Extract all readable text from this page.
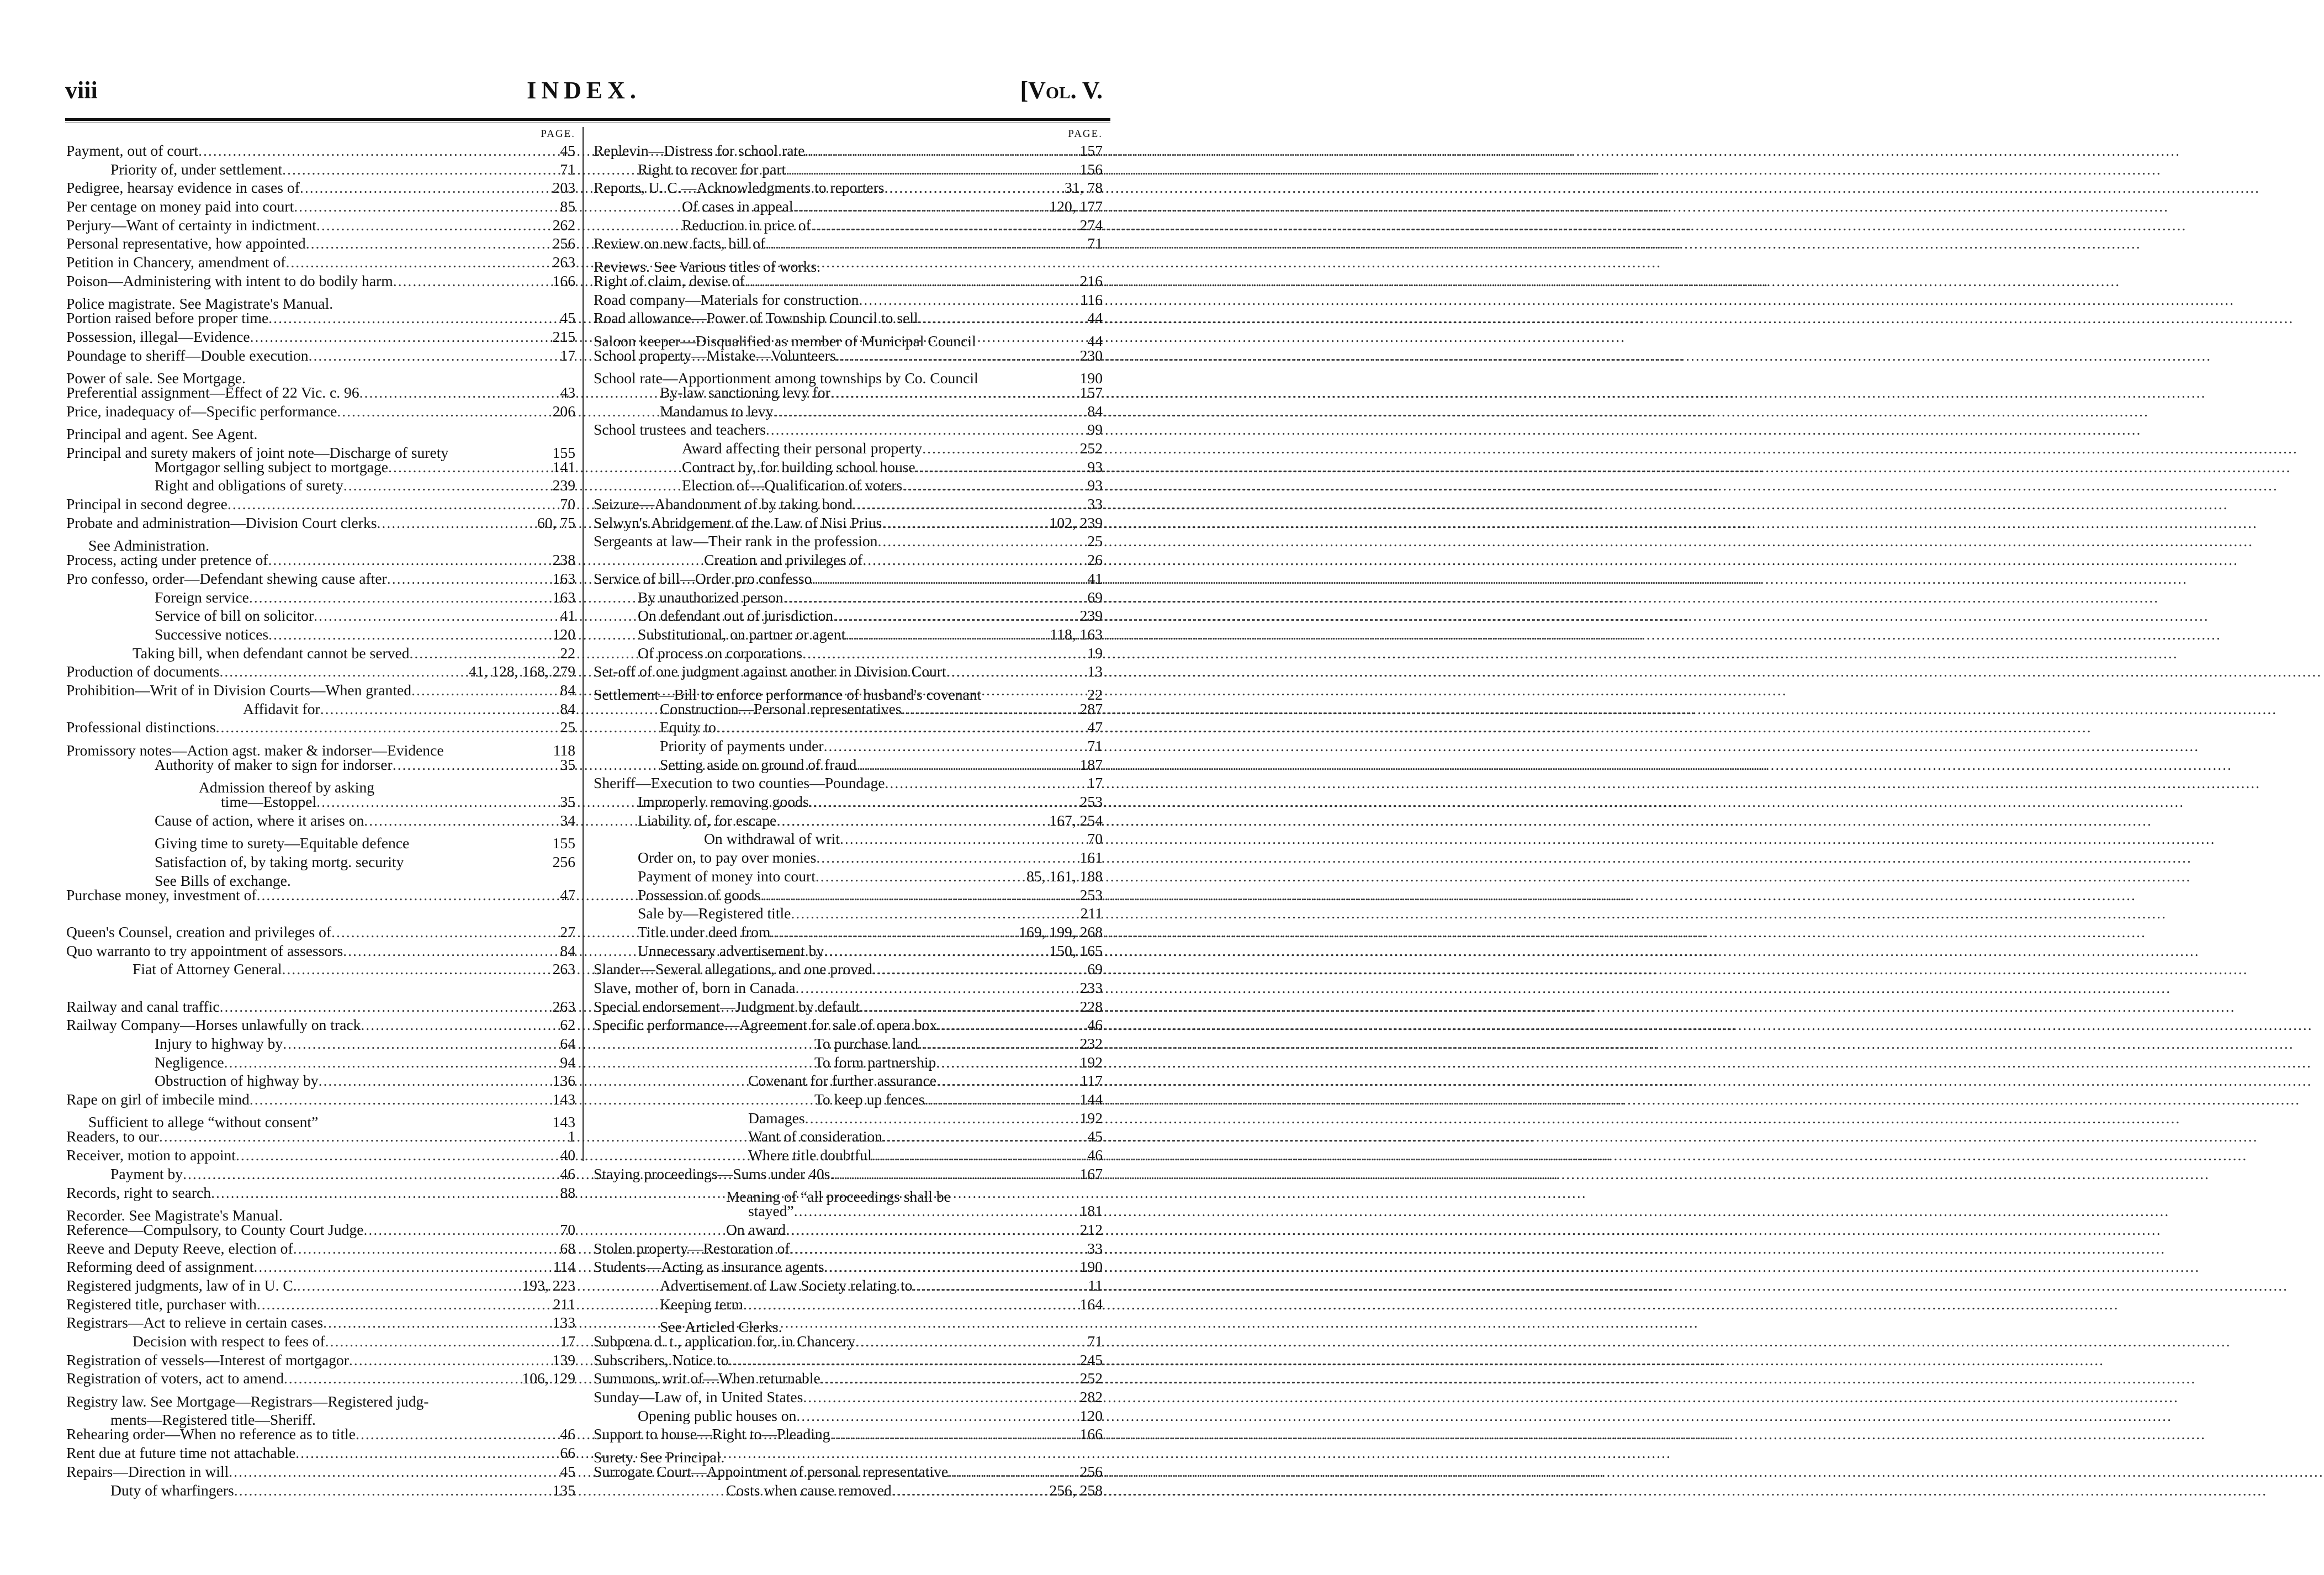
viii	INDEX.	[Vol. V.
PAGE.
Payment, out of court .....	45
Priority of, under settlement .....	71
Pedigree, hearsay evidence in cases of .....	203
Per centage on money paid into court .....	85
Perjury—Want of certainty in indictment .....	262
Personal representative, how appointed .....	256
Petition in Chancery, amendment of .....	263
Poison—Administering with intent to do bodily harm .....	166
Police magistrate. See Magistrate's Manual.
Portion raised before proper time .....	45
Possession, illegal—Evidence .....	215
Poundage to sheriff—Double execution .....	17
Power of sale. See Mortgage.
Preferential assignment—Effect of 22 Vic. c. 96 .....	43
Price, inadequacy of—Specific performance .....	206
Principal and agent. See Agent.
Principal and surety makers of joint note—Discharge of surety	155
Mortgagor selling subject to mortgage .....	141
Right and obligations of surety .....	239
Principal in second degree .....	70
Probate and administration—Division Court clerks .....	60, 75
See Administration.
Process, acting under pretence of .....	238
Pro confesso, order—Defendant shewing cause after .....	163
Foreign service .....	163
Service of bill on solicitor .....	41
Successive notices .....	120
Taking bill, when defendant cannot be served .....	22
Production of documents .....	41, 128, 168, 279
Prohibition—Writ of in Division Courts—When granted .....	84
Affidavit for .....	84
Professional distinctions .....	25
Promissory notes—Action agst. maker & indorser—Evidence	118
Authority of maker to sign for indorser .....	35
Admission thereof by asking
time—Estoppel .....	35
Cause of action, where it arises on .....	34
Giving time to surety—Equitable defence	155
Satisfaction of, by taking mortg. security	256
See Bills of exchange.
Purchase money, investment of .....	47
Queen's Counsel, creation and privileges of .....	27
Quo warranto to try appointment of assessors .....	84
Fiat of Attorney General .....	263
Railway and canal traffic .....	263
Railway Company—Horses unlawfully on track .....	62
Injury to highway by .....	64
Negligence .....	94
Obstruction of highway by .....	136
Rape on girl of imbecile mind .....	143
Sufficient to allege “without consent”	143
Readers, to our .....	1
Receiver, motion to appoint .....	40
Payment by .....	46
Records, right to search .....	88
Recorder. See Magistrate's Manual.
Reference—Compulsory, to County Court Judge .....	70
Reeve and Deputy Reeve, election of .....	68
Reforming deed of assignment .....	114
Registered judgments, law of in U. C. .....	193, 223
Registered title, purchaser with .....	211
Registrars—Act to relieve in certain cases .....	133
Decision with respect to fees of .....	17
Registration of vessels—Interest of mortgagor .....	139
Registration of voters, act to amend .....	106, 129
Registry law. See Mortgage—Registrars—Registered judg-
ments—Registered title—Sheriff.
Rehearing order—When no reference as to title .....	46
Rent due at future time not attachable .....	66
Repairs—Direction in will .....	45
Duty of wharfingers .....	135
PAGE.
Replevin—Distress for school rate .....	157
Right to recover for part .....	156
Reports, U. C.—Acknowledgments to reporters .....	31, 78
Of cases in appeal .....	120, 177
Reduction in price of .....	274
Review on new facts, bill of .....	71
Reviews. See Various titles of works.
Right of claim, devise of .....	216
Road company—Materials for construction .....	116
Road allowance—Power of Township Council to sell .....	44
Saloon keeper—Disqualified as member of Municipal Council	44
School property—Mistake—Volunteers .....	230
School rate—Apportionment among townships by Co. Council	190
By-law sanctioning levy for .....	157
Mandamus to levy .....	84
School trustees and teachers .....	99
Award affecting their personal property .....	252
Contract by, for building school house .....	93
Election of—Qualification of voters .....	93
Seizure—Abandonment of by taking bond .....	33
Selwyn's Abridgement of the Law of Nisi Prius .....	102, 239
Sergeants at law—Their rank in the profession .....	25
Creation and privileges of .....	26
Service of bill—Order pro confesso .....	41
By unauthorized person .....	69
On defendant out of jurisdiction .....	239
Substitutional, on partner or agent .....	118, 163
Of process on corporations .....	19
Set-off of one judgment against another in Division Court .....	13
Settlement—Bill to enforce performance of husband's covenant	22
Construction—Personal representatives .....	287
Equity to .....	47
Priority of payments under .....	71
Setting aside on ground of fraud .....	187
Sheriff—Execution to two counties—Poundage .....	17
Improperly removing goods .....	253
Liability of, for escape .....	167, 254
On withdrawal of writ .....	70
Order on, to pay over monies .....	161
Payment of money into court .....	85, 161, 188
Possession of goods .....	253
Sale by—Registered title .....	211
Title under deed from .....	169, 199, 268
Unnecessary advertisement by .....	150, 165
Slander—Several allegations, and one proved .....	69
Slave, mother of, born in Canada .....	233
Special endorsement—Judgment by default .....	228
Specific performance—Agreement for sale of opera box .....	46
To purchase land .....	232
To form partnership .....	192
Covenant for further assurance .....	117
To keep up fences .....	144
Damages .....	192
Want of consideration .....	45
Where title doubtful .....	46
Staying proceedings—Sums under 40s. .....	167
Meaning of “all proceedings shall be
stayed” .....	181
On award .....	212
Stolen property—Restoration of .....	33
Students—Acting as insurance agents .....	190
Advertisement of Law Society relating to .....	11
Keeping term .....	164
See Articled Clerks.
Subpœna d. t., application for, in Chancery .....	71
Subscribers, Notice to .....	245
Summons, writ of—When returnable .....	252
Sunday—Law of, in United States .....	282
Opening public houses on .....	120
Support to house—Right to—Pleading .....	166
Surety. See Principal.
Surrogate Court—Appointment of personal representative .....	256
Costs when cause removed .....	256, 258
